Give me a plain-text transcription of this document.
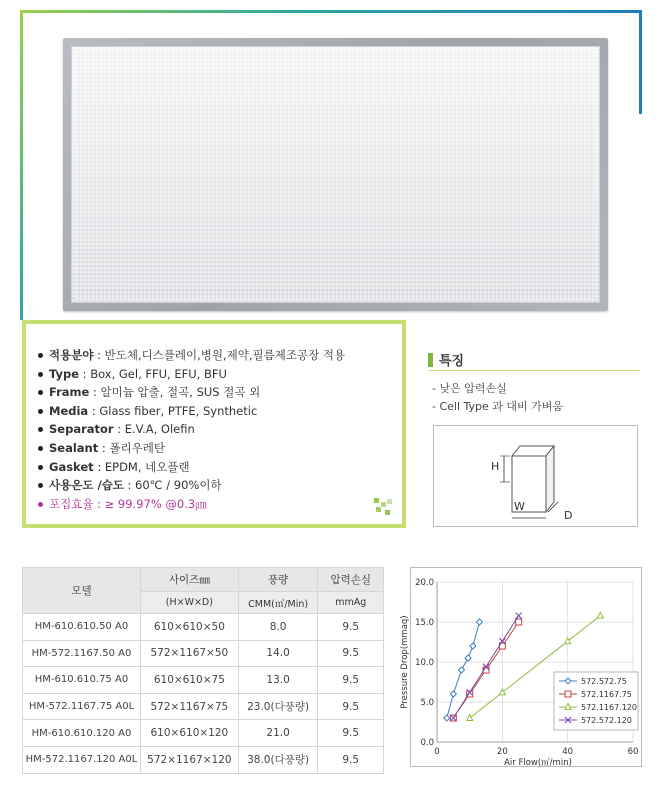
적용분야 : 반도체,디스플레이,병원,제약,필름제조공장 적용
Type : Box, Gel, FFU, EFU, BFU
Frame : 알미늄 압출, 절곡, SUS 절곡 외
Media : Glass fiber, PTFE, Synthetic
Separator : E.V.A, Olefin
Sealant : 폴리우레탄
Gasket : EPDM, 네오플랜
사용온도 /습도 : 60℃ / 90%이하
포집효율 : ≥ 99.97% @0.3㎛
특징
- 낮은 압력손실
- Cell Type 과 대비 가벼움
H
W
D
모델	사이즈㎜	풍량	압력손실
	(H×W×D)	CMM(㎥/Min)	mmAg
HM-610.610.50 A0	610×610×50	8.0	9.5
HM-572.1167.50 A0	572×1167×50	14.0	9.5
HM-610.610.75 A0	610×610×75	13.0	9.5
HM-572.1167.75 A0L	572×1167×75	23.0(다풍량)	9.5
HM-610.610.120 A0	610×610×120	21.0	9.5
HM-572.1167.120 A0L	572×1167×120	38.0(다풍량)	9.5
0.0
5.0
10.0
15.0
20.0
0	20	40	60
Air Flow(㎥/min)
Pressure Drop(mmaq)	572.572.75
572.1167.75
572.1167.120
572.572.120
